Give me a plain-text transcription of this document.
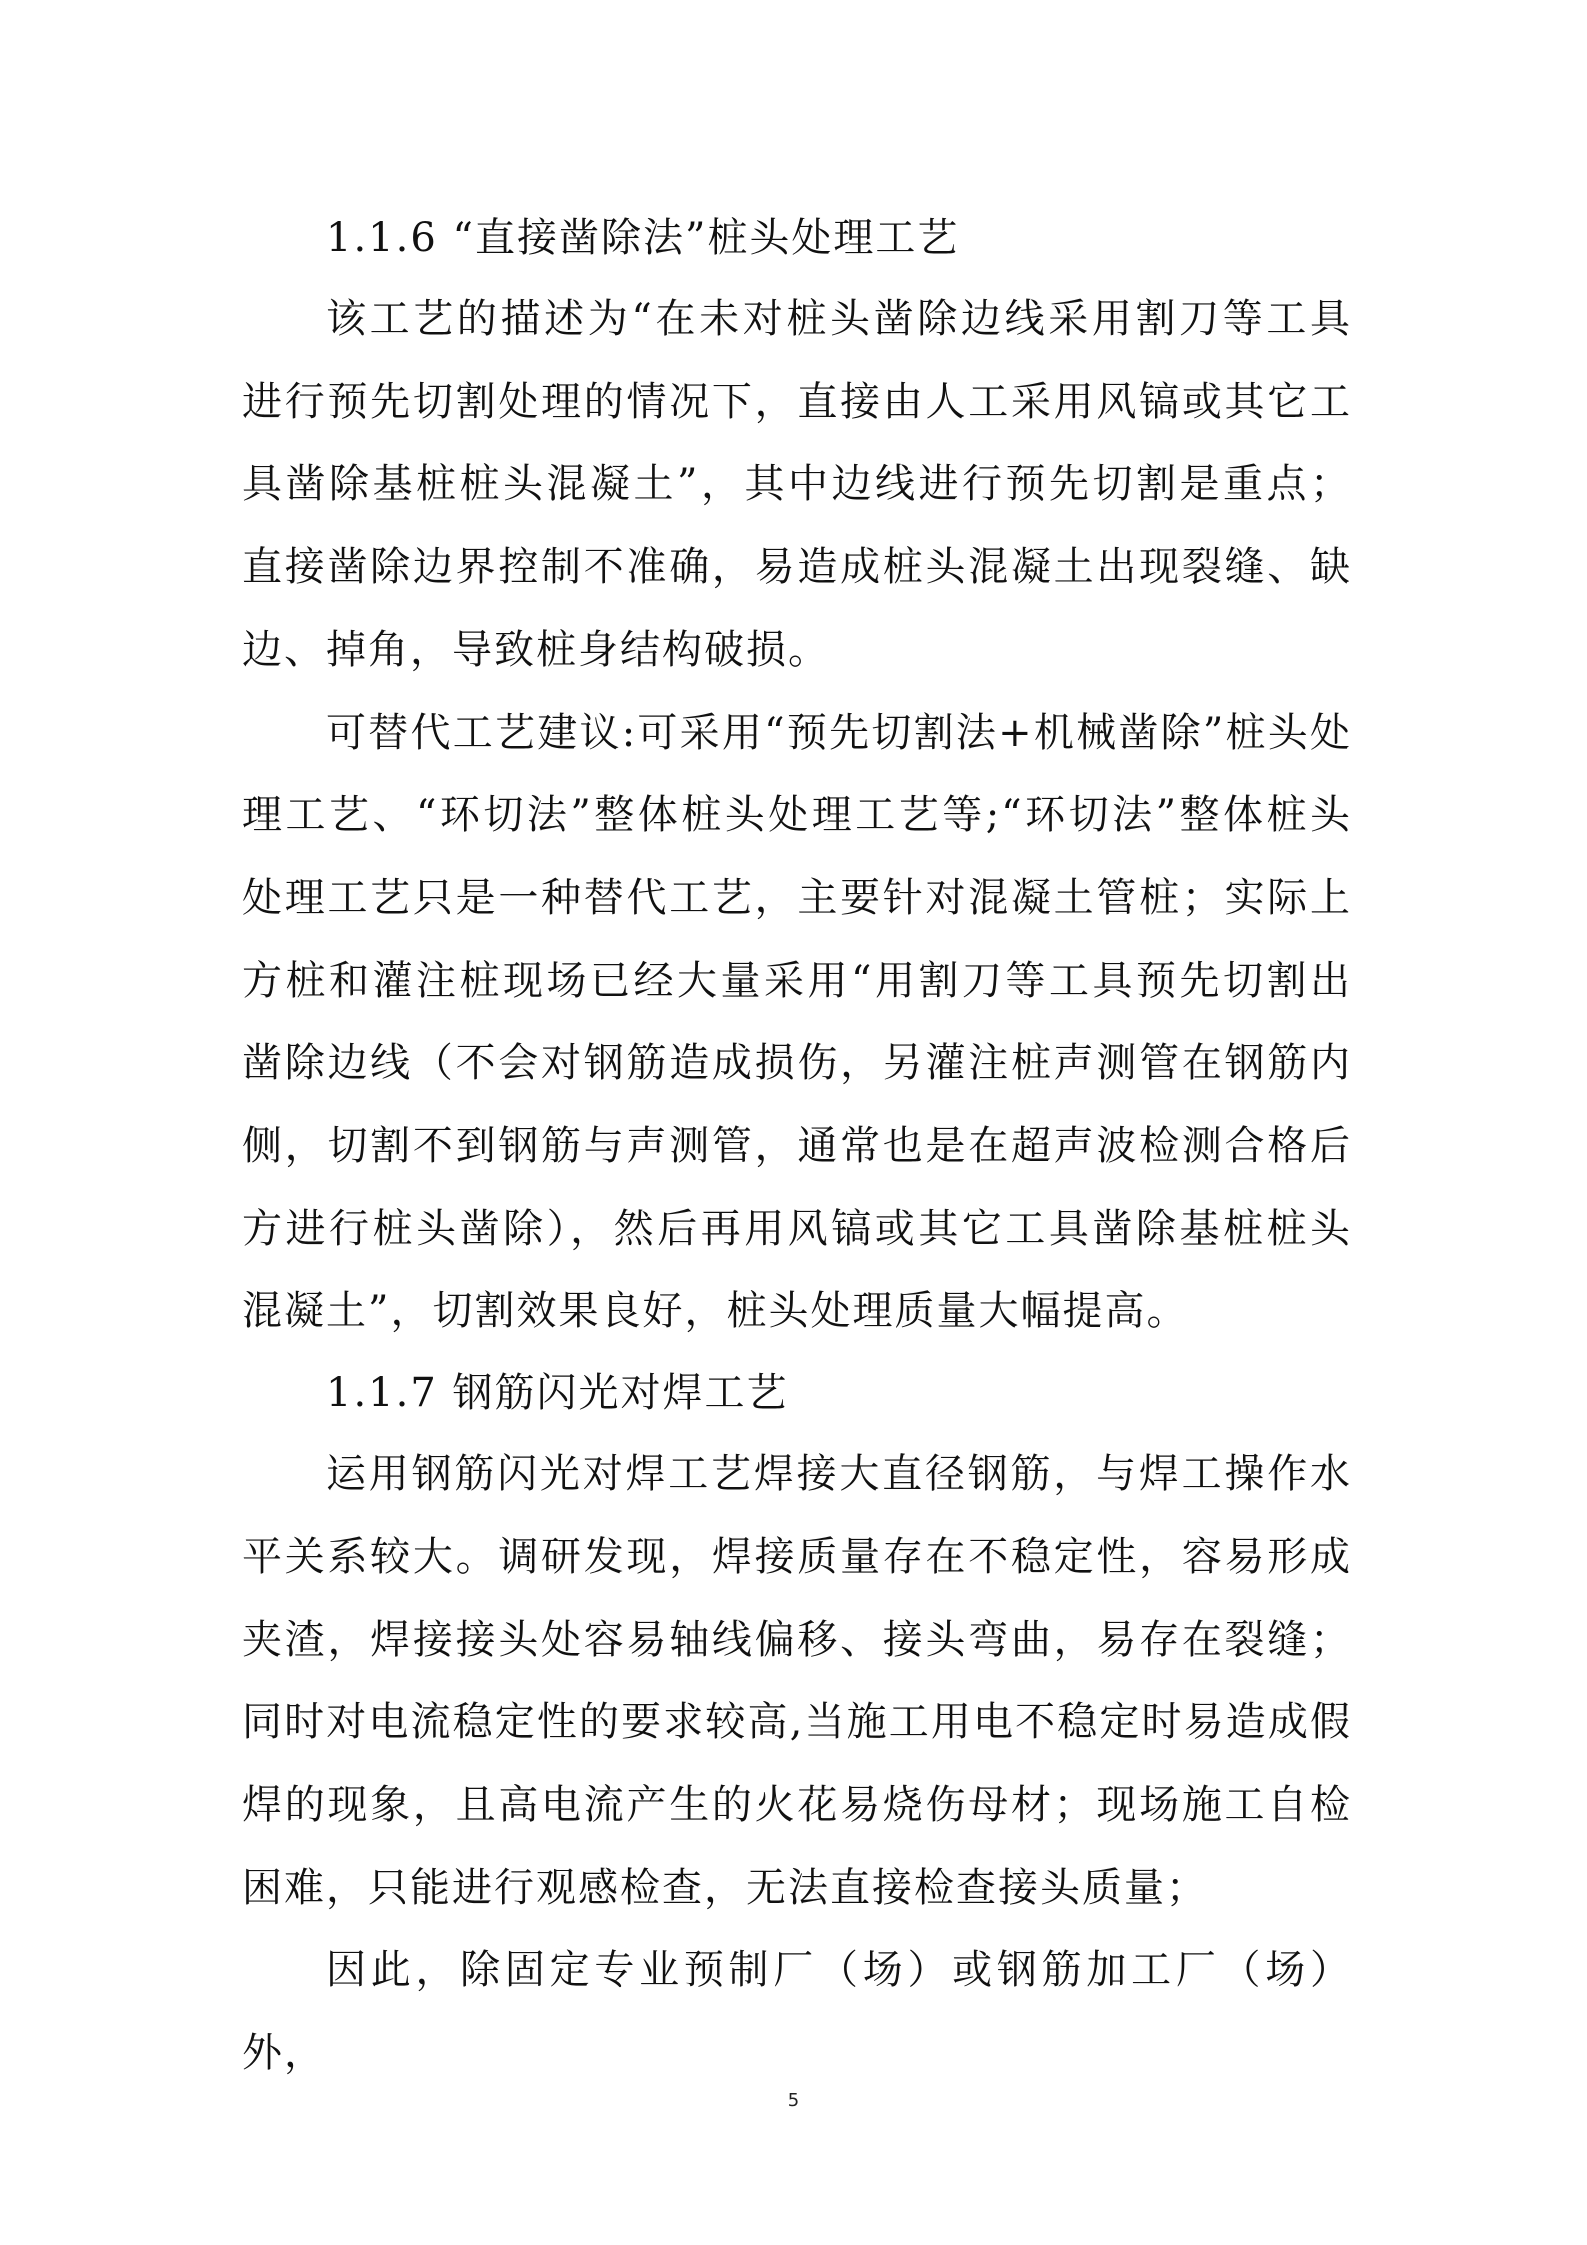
1.1.6 “直接凿除法”桩头处理工艺

该工艺的描述为“在未对桩头凿除边线采用割刀等工具进行预先切割处理的情况下，直接由人工采用风镐或其它工具凿除基桩桩头混凝土”，其中边线进行预先切割是重点；直接凿除边界控制不准确，易造成桩头混凝土出现裂缝、缺边、掉角，导致桩身结构破损。

可替代工艺建议:可采用“预先切割法+机械凿除”桩头处理工艺、“环切法”整体桩头处理工艺等;“环切法”整体桩头处理工艺只是一种替代工艺，主要针对混凝土管桩；实际上方桩和灌注桩现场已经大量采用“用割刀等工具预先切割出凿除边线（不会对钢筋造成损伤，另灌注桩声测管在钢筋内侧，切割不到钢筋与声测管，通常也是在超声波检测合格后方进行桩头凿除），然后再用风镐或其它工具凿除基桩桩头混凝土”，切割效果良好，桩头处理质量大幅提高。

1.1.7 钢筋闪光对焊工艺

运用钢筋闪光对焊工艺焊接大直径钢筋，与焊工操作水平关系较大。调研发现，焊接质量存在不稳定性，容易形成夹渣，焊接接头处容易轴线偏移、接头弯曲，易存在裂缝；同时对电流稳定性的要求较高,当施工用电不稳定时易造成假焊的现象，且高电流产生的火花易烧伤母材；现场施工自检困难，只能进行观感检查，无法直接检查接头质量；

因此，除固定专业预制厂（场）或钢筋加工厂（场）外，

5
